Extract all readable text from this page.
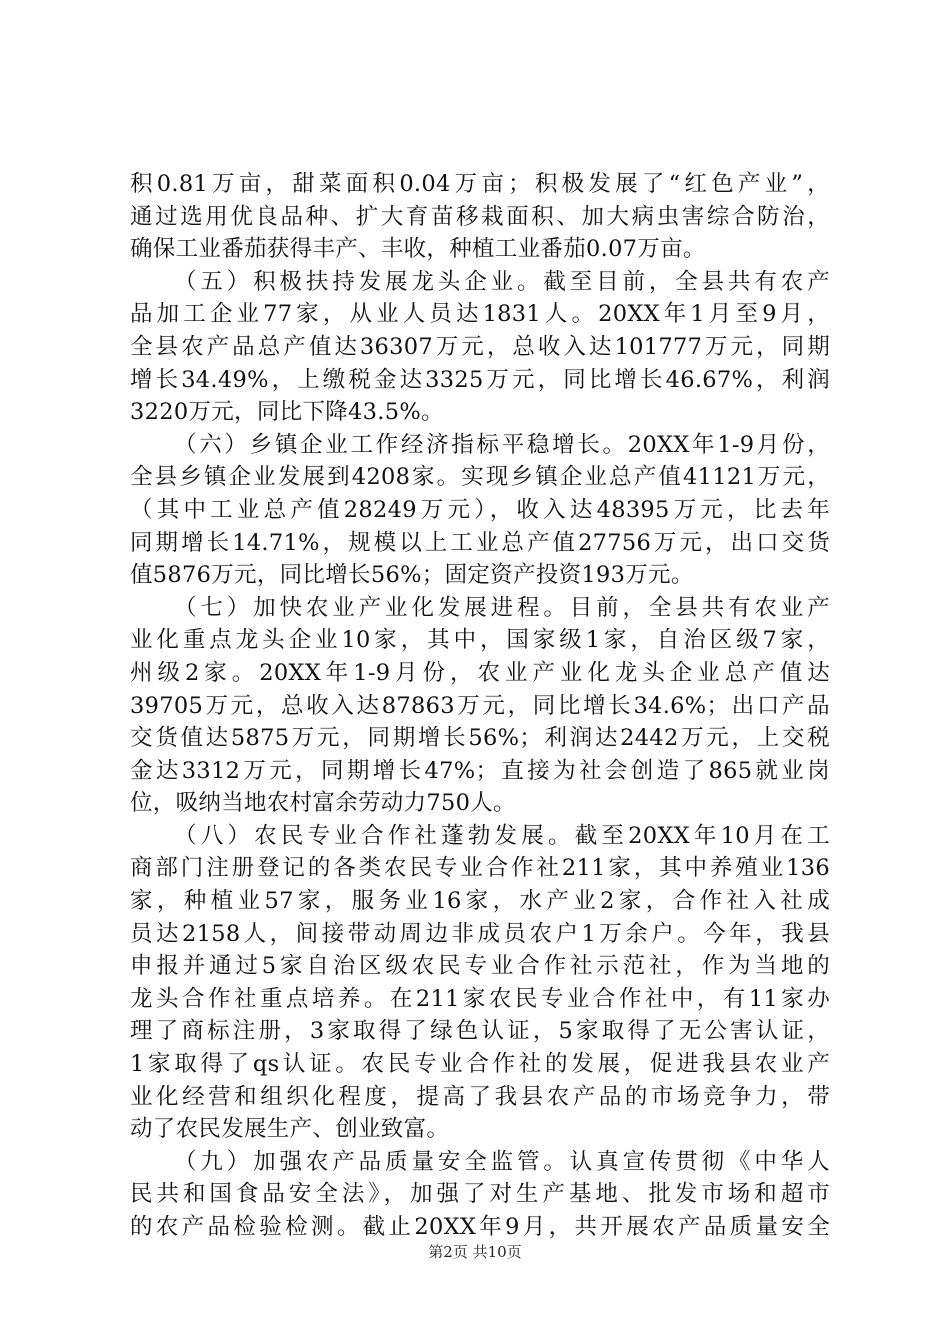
积0.81万亩，甜菜面积0.04万亩；积极发展了“红色产业”，
通过选用优良品种、扩大育苗移栽面积、加大病虫害综合防治，
确保工业番茄获得丰产、丰收，种植工业番茄0.07万亩。
（五）积极扶持发展龙头企业。截至目前，全县共有农产
品加工企业77家，从业人员达1831人。20XX年1月至9月，
全县农产品总产值达36307万元，总收入达101777万元，同期
增长34.49%，上缴税金达3325万元，同比增长46.67%，利润
3220万元，同比下降43.5%。
（六）乡镇企业工作经济指标平稳增长。20XX年1-9月份，
全县乡镇企业发展到4208家。实现乡镇企业总产值41121万元，
（其中工业总产值28249万元），收入达48395万元，比去年
同期增长14.71%，规模以上工业总产值27756万元，出口交货
值5876万元，同比增长56%；固定资产投资193万元。
（七）加快农业产业化发展进程。目前，全县共有农业产
业化重点龙头企业10家，其中，国家级1家，自治区级7家，
州级2家。20XX年1-9月份，农业产业化龙头企业总产值达
39705万元，总收入达87863万元，同比增长34.6%；出口产品
交货值达5875万元，同期增长56%；利润达2442万元，上交税
金达3312万元，同期增长47%；直接为社会创造了865就业岗
位，吸纳当地农村富余劳动力750人。
（八）农民专业合作社蓬勃发展。截至20XX年10月在工
商部门注册登记的各类农民专业合作社211家，其中养殖业136
家，种植业57家，服务业16家，水产业2家，合作社入社成
员达2158人，间接带动周边非成员农户1万余户。今年，我县
申报并通过5家自治区级农民专业合作社示范社，作为当地的
龙头合作社重点培养。在211家农民专业合作社中，有11家办
理了商标注册，3家取得了绿色认证，5家取得了无公害认证，
1家取得了qs认证。农民专业合作社的发展，促进我县农业产
业化经营和组织化程度，提高了我县农产品的市场竞争力，带
动了农民发展生产、创业致富。
（九）加强农产品质量安全监管。认真宣传贯彻《中华人
民共和国食品安全法》，加强了对生产基地、批发市场和超市
的农产品检验检测。截止20XX年9月，共开展农产品质量安全
第2页 共10页
